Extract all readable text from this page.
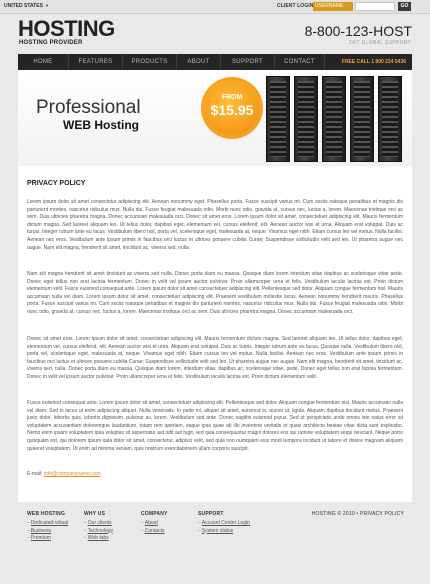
UNITED STATES ▼	CLIENT LOGIN USERNAME	GO
HOSTING
HOSTING PROVIDER
8-800-123-HOST
24/7 GLOBAL SUPPORT
HOME	FEATURES	PRODUCTS	ABOUT	SUPPORT	CONTACT	FREE CALL 1 800 234 5436
Professional
WEB Hosting
FROM
$15.95
PRIVACY POLICY

Lorem ipsum dolor sit amet consectetur adipiscing elit. Aenean nonummy eget. Phasellus porta. Fusce suscipit varius mi. Cum sociis natoque penatibus et magnis dis parturient montes, nascetur ridiculus mus. Nulla dui. Fusce feugiat malesuada odio. Morbi nunc odio, gravida at, cursus nec, luctus a, lorem. Maecenas tristique orci ac sem. Duis ultricies pharetra magna. Donec accumsan malesuada orci. Donec sit amet eros. Lorem ipsum dolor sit amet, consectetuer adipiscing elit. Mauris fermentum dictum magna. Sed laoreet aliquam leo. Ut tellus dolor, dapibus eget, elementum vel, cursus eleifend, elit. Aenean auctor wisi et urna. Aliquam erat volutpat. Duis ac turpis. Integer rutrum ante eu lacus. Vestibulum libero nisl, porta vel, scelerisque eget, malesuada at, neque. Vivamus eget nibh. Etiam cursus leo vel metus. Nulla facilisi. Aenean nec eros. Vestibulum ante ipsum primis in faucibus orci luctus et ultrices posuere cubilia Curae; Suspendisse sollicitudin velit sed leo. Ut pharetra augue nec augue. Nam elit magna, hendrerit sit amet, tincidunt ac, viverra sed, nulla.

Nam elit magna hendrerit sit amet tincidunt ac viverra sed nulla. Donec porta diam eu massa. Quisque diam lorem interdum vitae dapibus ac scelerisque vitae pede. Donec eget tellus non erat lacinia fermentum. Donec in velit vel ipsum auctor pulvinar. Proin ullamcorper urna et felis. Vestibulum iaculis lacinia est. Proin dictum elementum velit. Fusce euismod consequat ante. Lorem ipsum dolor sit amet consectetuer adipiscing elit. Pellentesque sed dolor. Aliquam congue fermentum nisl. Mauris accumsan nulla vel diam. Lorem ipsum dolor sit amet, consectetuer adipiscing elit. Praesent vestibulum molestie lacus. Aenean nonummy hendrerit mauris. Phasellus porta. Fusce suscipit varius mi. Cum sociis natoque penatibus et magnis dis parturient montes, nascetur ridiculus mus. Nulla dui. Fusce feugiat malesuada odio. Morbi nunc odio, gravida at, cursus nec, luctus a, lorem. Maecenas tristique orci ac sem. Duis ultricies pharetra magna. Donec accumsan malesuada orci.

Donec sit amet eros. Lorem ipsum dolor sit amet, consectetuer adipiscing elit. Mauris fermentum dictum magna. Sed laoreet aliquam leo. Ut tellus dolor, dapibus eget, elementum vel, cursus eleifend, elit. Aenean auctor wisi et urna. Aliquam erat volutpat. Duis ac turpis. Integer rutrum ante eu lacus. Quisque nulla. Vestibulum libero nisl, porta vel, scelerisque eget, malesuada at, neque. Vivamus eget nibh. Etiam cursus leo vel metus. Nulla facilisi. Aenean nec eros. Vestibulum ante ipsum primis in faucibus orci luctus et ultrices posuere cubilia Curae; Suspendisse sollicitudin velit sed leo. Ut pharetra augue nec augue. Nam elit magna, hendrerit sit amet, tincidunt ac, viverra sed, nulla. Donec porta diam eu massa. Quisque diam lorem, interdum vitae, dapibus ac, scelerisque vitae, pede. Donec eget tellus non erat lacinia fermentum. Donec in velit vel ipsum auctor pulvinar. Proin ullamcorper urna et felis. Vestibulum iaculis lacinia est. Proin dictum elementum velit.

Fusce euismod consequat ante. Lorem ipsum dolor sit amet, consectetuer adipiscing elit. Pellentesque sed dolor. Aliquam congue fermentum nisl. Mauris accumsan nulla vel diam. Sed in lacus ut enim adipiscing aliquet. Nulla venenatis. In pede mi, aliquet sit amet, euismod in, auctor ut, ligula. Aliquam dapibus tincidunt metus. Praesent justo dolor, lobortis quis, lobortis dignissim, pulvinar ac, lorem. Vestibulum sed ante. Donec sagittis euismod purus. Sed ut perspiciatis unde omnis iste natus error sit voluptatem accusantium doloremque laudantium, totam rem aperiam, eaque ipsa quae ab illo inventore veritatis et quasi architecto beatae vitae dicta sunt explicabo. Nemo enim ipsam voluptatem quia voluptas sit aspernatur aut odit aut fugit, sed quia consequuntur magni dolores eos qui ratione voluptatem sequi nesciunt. Neque porro quisquam est, qui dolorem ipsum quia dolor sit amet, consectetur, adipisci velit, sed quia non numquam eius modi tempora incidunt ut labore et dolore magnam aliquam quaerat voluptatem. Ut enim ad minima veniam, quis nostrum exercitationem ullam corporis suscipit.

E-mail: info@companyname.com
WEB HOSTING
– Dedicated-virtual
– Business
– Premium
WHY US
– Our clients
– Technology
– Web tabs
COMPANY
– About
– Contacts
SUPPORT
– Account Center Login
– System status
HOSTING © 2010 • PRIVACY POLICY
